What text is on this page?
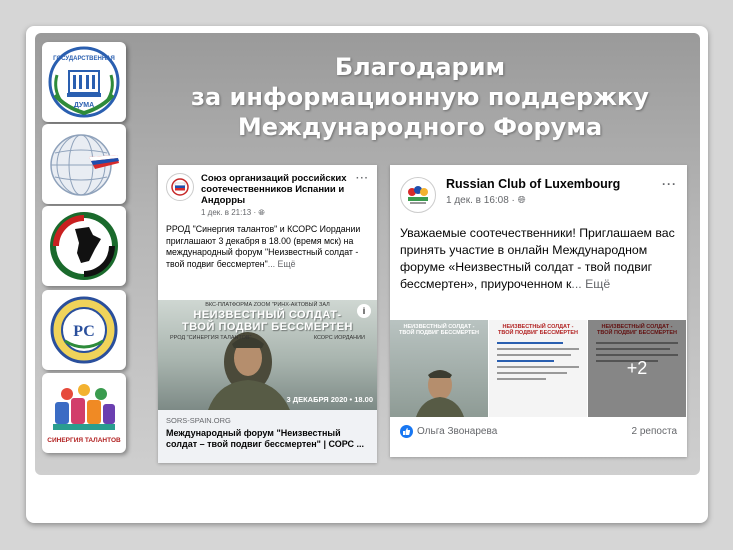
Благодарим
за информационную поддержку
Международного Форума
ГОСУДАРСТВЕННАЯ
ДУМА
РС
СИНЕРГИЯ ТАЛАНТОВ
Союз организаций российских соотечественников Испании и Андорры
1 дек. в 21:13 · 🌐︎
···
РРОД "Синергия талантов" и КСОРС Иордании приглашают 3 декабря в 18.00 (время мск) на международный форум "Неизвестный солдат - твой подвиг бессмертен"... Ещё
ВКС-ПЛАТФОРМА ZOOM "РИНХ-АКТОВЫЙ ЗАЛ
НЕИЗВЕСТНЫЙ СОЛДАТ-
ТВОЙ ПОДВИГ БЕССМЕРТЕН
РРОД "СИНЕРГИЯ ТАЛАНТОВ"	КСОРС ИОРДАНИИ
3 ДЕКАБРЯ 2020 • 18.00
i
SORS-SPAIN.ORG
Международный форум "Неизвестный солдат – твой подвиг бессмертен" | СОРС ...
Russian Club of Luxembourg
1 дек. в 16:08 · 🌐︎
···
Уважаемые соотечественники! Приглашаем вас принять участие в онлайн Международном форуме «Неизвестный солдат - твой подвиг бессмертен», приуроченном к... Ещё
НЕИЗВЕСТНЫЙ СОЛДАТ - ТВОЙ ПОДВИГ БЕССМЕРТЕН
НЕИЗВЕСТНЫЙ СОЛДАТ - ТВОЙ ПОДВИГ БЕССМЕРТЕН
НЕИЗВЕСТНЫЙ СОЛДАТ - ТВОЙ ПОДВИГ БЕССМЕРТЕН
+2
Ольга Звонарева	2 репоста
